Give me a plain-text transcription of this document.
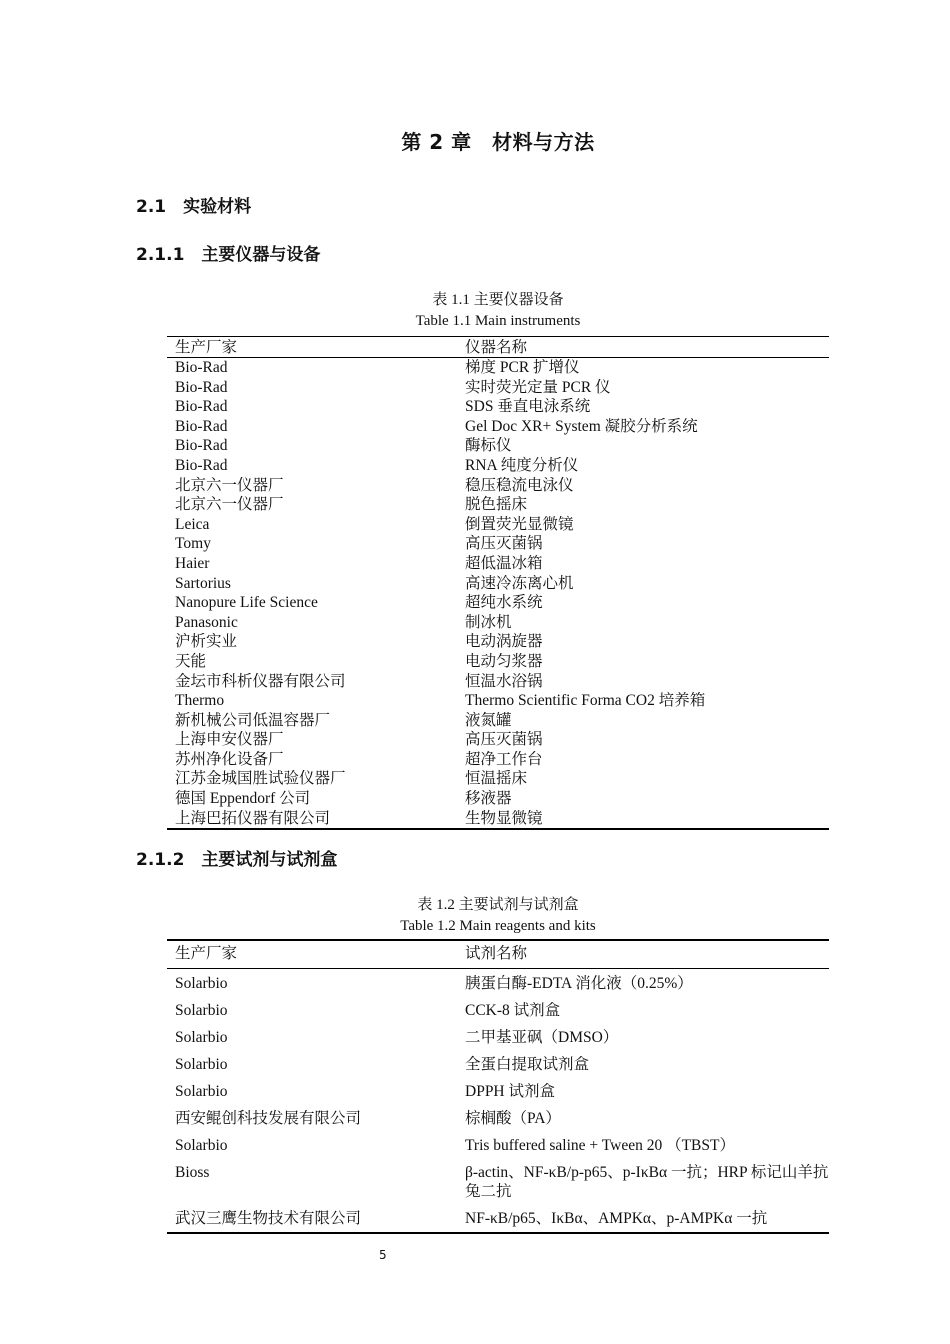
第 2 章　材料与方法
2.1　实验材料
2.1.1　主要仪器与设备
表 1.1 主要仪器设备
Table 1.1 Main instruments
生产厂家	仪器名称
Bio-Rad	梯度 PCR 扩增仪
Bio-Rad	实时荧光定量 PCR 仪
Bio-Rad	SDS 垂直电泳系统
Bio-Rad	Gel Doc XR+ System 凝胶分析系统
Bio-Rad	酶标仪
Bio-Rad	RNA 纯度分析仪
北京六一仪器厂	稳压稳流电泳仪
北京六一仪器厂	脱色摇床
Leica	倒置荧光显微镜
Tomy	高压灭菌锅
Haier	超低温冰箱
Sartorius	高速冷冻离心机
Nanopure Life Science	超纯水系统
Panasonic	制冰机
沪析实业	电动涡旋器
天能	电动匀浆器
金坛市科析仪器有限公司	恒温水浴锅
Thermo	Thermo Scientific Forma CO2 培养箱
新机械公司低温容器厂	液氮罐
上海申安仪器厂	高压灭菌锅
苏州净化设备厂	超净工作台
江苏金城国胜试验仪器厂	恒温摇床
德国 Eppendorf 公司	移液器
上海巴拓仪器有限公司	生物显微镜
2.1.2　主要试剂与试剂盒
表 1.2 主要试剂与试剂盒
Table 1.2 Main reagents and kits
生产厂家	试剂名称
Solarbio	胰蛋白酶-EDTA 消化液（0.25%）
Solarbio	CCK-8 试剂盒
Solarbio	二甲基亚砜（DMSO）
Solarbio	全蛋白提取试剂盒
Solarbio	DPPH 试剂盒
西安鲲创科技发展有限公司	棕榈酸（PA）
Solarbio	Tris buffered saline + Tween 20 （TBST）
Bioss	β-actin、NF-κB/p-p65、p-IκBα 一抗；HRP 标记山羊抗兔二抗
武汉三鹰生物技术有限公司	NF-κB/p65、IκBα、AMPKα、p-AMPKα 一抗
5
